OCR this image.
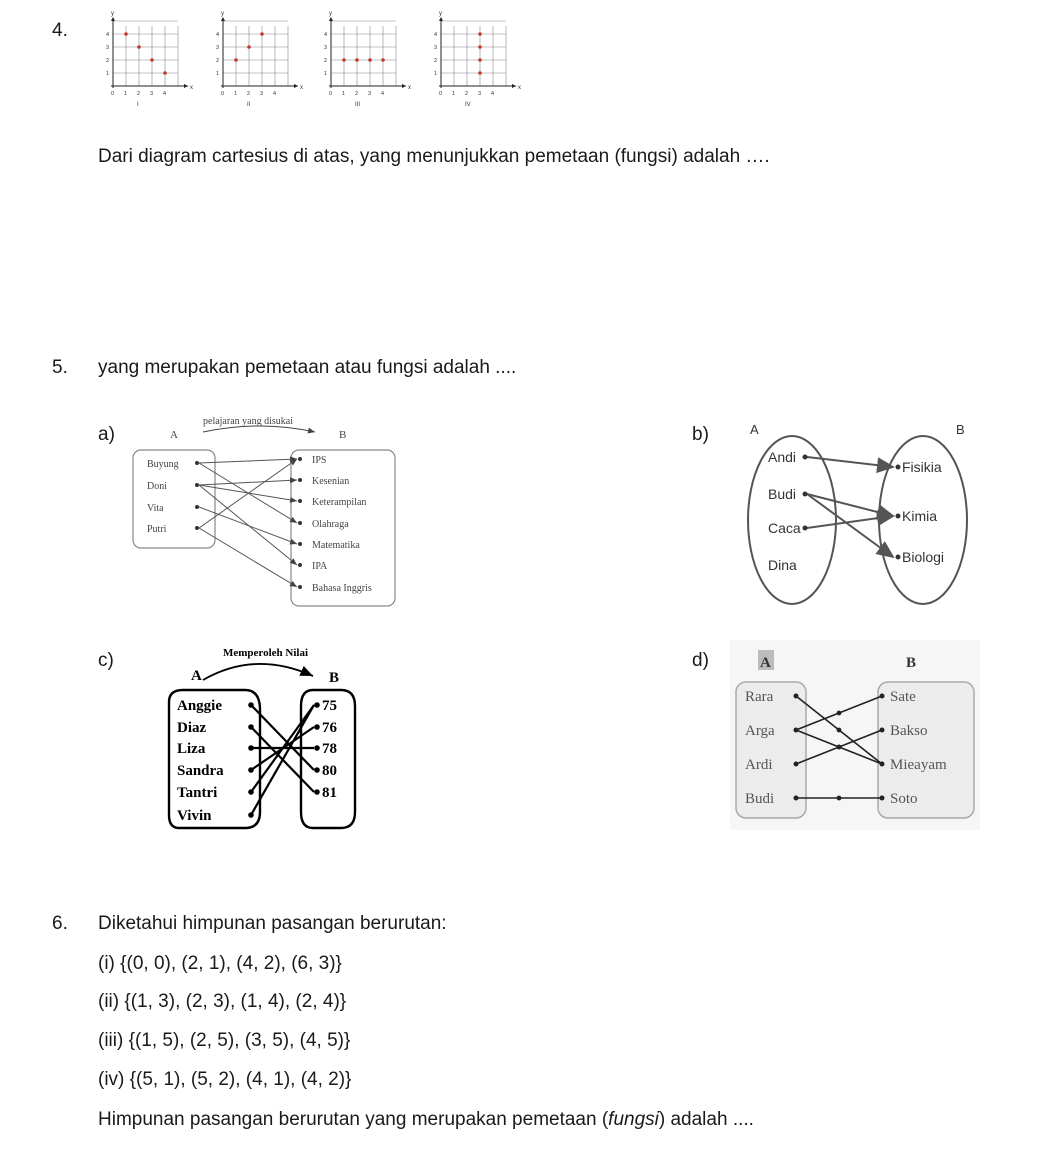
4.
y
x
0 1 2 3 4
1
2
3
4
I
y
x
0 1 2 3 4
1
2
3
4
II
y
x
0 1 2 3 4
1
2
3
4
III
y
x
0 1 2 3 4
1
2
3
4
IV
Dari diagram cartesius di atas, yang menunjukkan pemetaan (fungsi) adalah ….
5. yang merupakan pemetaan atau fungsi adalah ....
a)	A	B
pelajaran yang disukai
Buyung
Doni
Vita
Putri
IPS
Kesenian
Keterampilan
Olahraga
Matematika
IPA
Bahasa Inggris
b)	A	B
Andi
Budi
Caca
Dina
Fisikia
Kimia
Biologi
c)	Memperoleh Nilai
A	B
Anggie
Diaz
Liza
Sandra
Tantri
Vivin
75
76
78
80
81
d)	A	B
Rara
Arga
Ardi
Budi
Sate
Bakso
Mieayam
Soto
6. Diketahui himpunan pasangan berurutan:
(i) {(0, 0), (2, 1), (4, 2), (6, 3)}
(ii) {(1, 3), (2, 3), (1, 4), (2, 4)}
(iii) {(1, 5), (2, 5), (3, 5), (4, 5)}
(iv) {(5, 1), (5, 2), (4, 1), (4, 2)}
Himpunan pasangan berurutan yang merupakan pemetaan (fungsi) adalah ....
